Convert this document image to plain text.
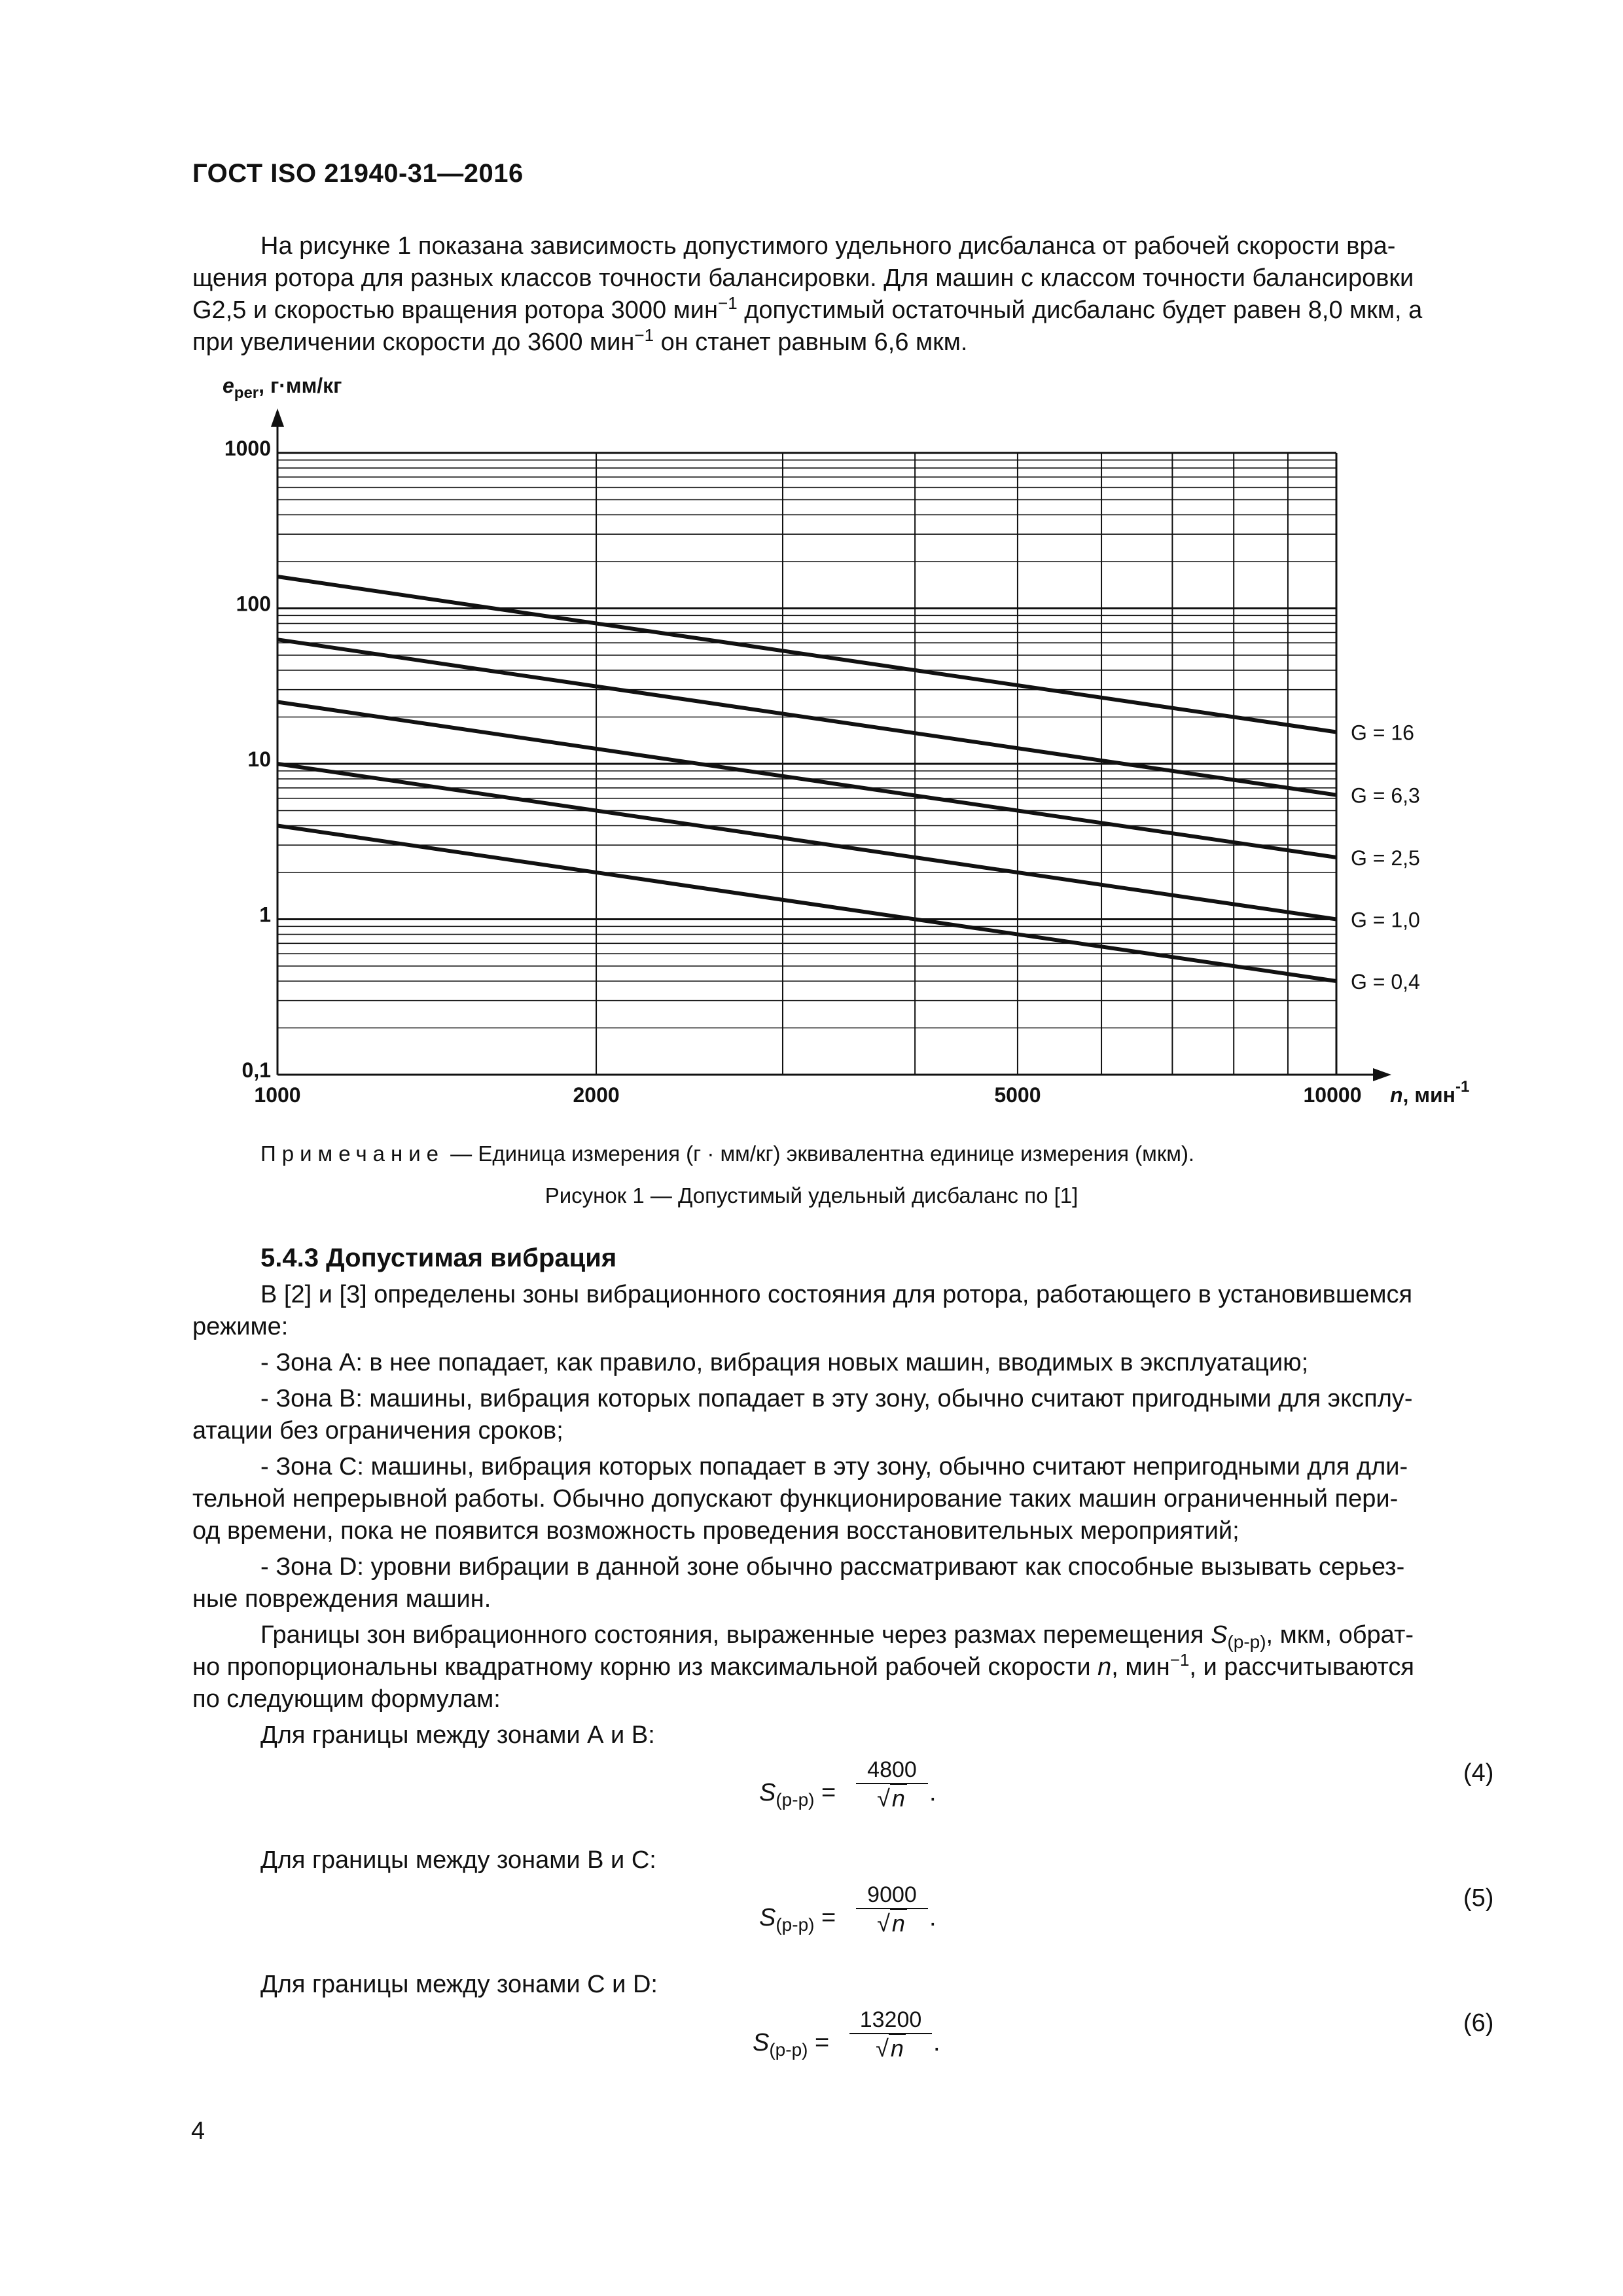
ГОСТ ISO 21940-31—2016

На рисунке 1 показана зависимость допустимого удельного дисбаланса от рабочей скорости вра-

щения ротора для разных классов точности балансировки. Для машин с классом точности балансировки

G2,5 и скоростью вращения ротора 3000 мин$^{-1}$ допустимый остаточный дисбаланс будет равен 8,0 мкм, а

при увеличении скорости до 3600 мин$^{-1}$ он станет равным 6,6 мкм.

0,1
1
10
100
1000
1000	2000	5000	10000
G = 16
G = 6,3
G = 2,5
G = 1,0
G = 0,4
$e_{per}$, г·мм/кг
n, мин$^{-1}$
Примечание — Единица измерения (г · мм/кг) эквивалентна единице измерения (мкм).
Рисунок 1 — Допустимый удельный дисбаланс по [1]
5.4.3 Допустимая вибрация

В [2] и [3] определены зоны вибрационного состояния для ротора, работающего в установившемся

режиме:

- Зона А: в нее попадает, как правило, вибрация новых машин, вводимых в эксплуатацию;

- Зона В: машины, вибрация которых попадает в эту зону, обычно считают пригодными для эксплу-

атации без ограничения сроков;

- Зона С: машины, вибрация которых попадает в эту зону, обычно считают непригодными для дли-

тельной непрерывной работы. Обычно допускают функционирование таких машин ограниченный пери-

од времени, пока не появится возможность проведения восстановительных мероприятий;

- Зона D: уровни вибрации в данной зоне обычно рассматривают как способные вызывать серьез-

ные повреждения машин.

Границы зон вибрационного состояния, выраженные через размах перемещения $S_{(р-р)}$, мкм, обрат-

но пропорциональны квадратному корню из максимальной рабочей скорости n, мин$^{-1}$, и рассчитываются

по следующим формулам:

Для границы между зонами А и В:

$S_{(р-р)}$ =
4800
√n .
(4)

Для границы между зонами В и С:

$S_{(р-р)}$ =
9000
√n .
(5)

Для границы между зонами С и D:

$S_{(р-р)}$ =
13200
√n	.
(6)
4
